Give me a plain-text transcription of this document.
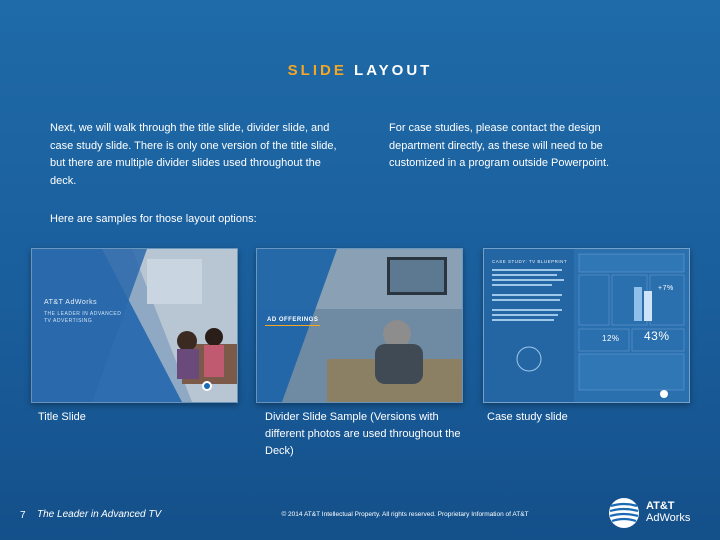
SLIDE LAYOUT
Next, we will walk through the title slide, divider slide, and case study slide. There is only one version of the title slide, but there are multiple divider slides used throughout the deck.
For case studies, please contact the design department directly, as these will need to be customized in a program outside Powerpoint.
Here are samples for those layout options:
AT&T AdWorks
THE LEADER IN ADVANCED TV ADVERTISING	AD OFFERINGS
CASE STUDY: TV BLUEPRINT
+7%
12% 43%
Title Slide	Divider Slide Sample (Versions with different photos are used throughout the Deck)
Case study slide
7 The Leader in Advanced TV	© 2014 AT&T Intellectual Property. All rights reserved. Proprietary Information of AT&T
AT&T
AdWorks
